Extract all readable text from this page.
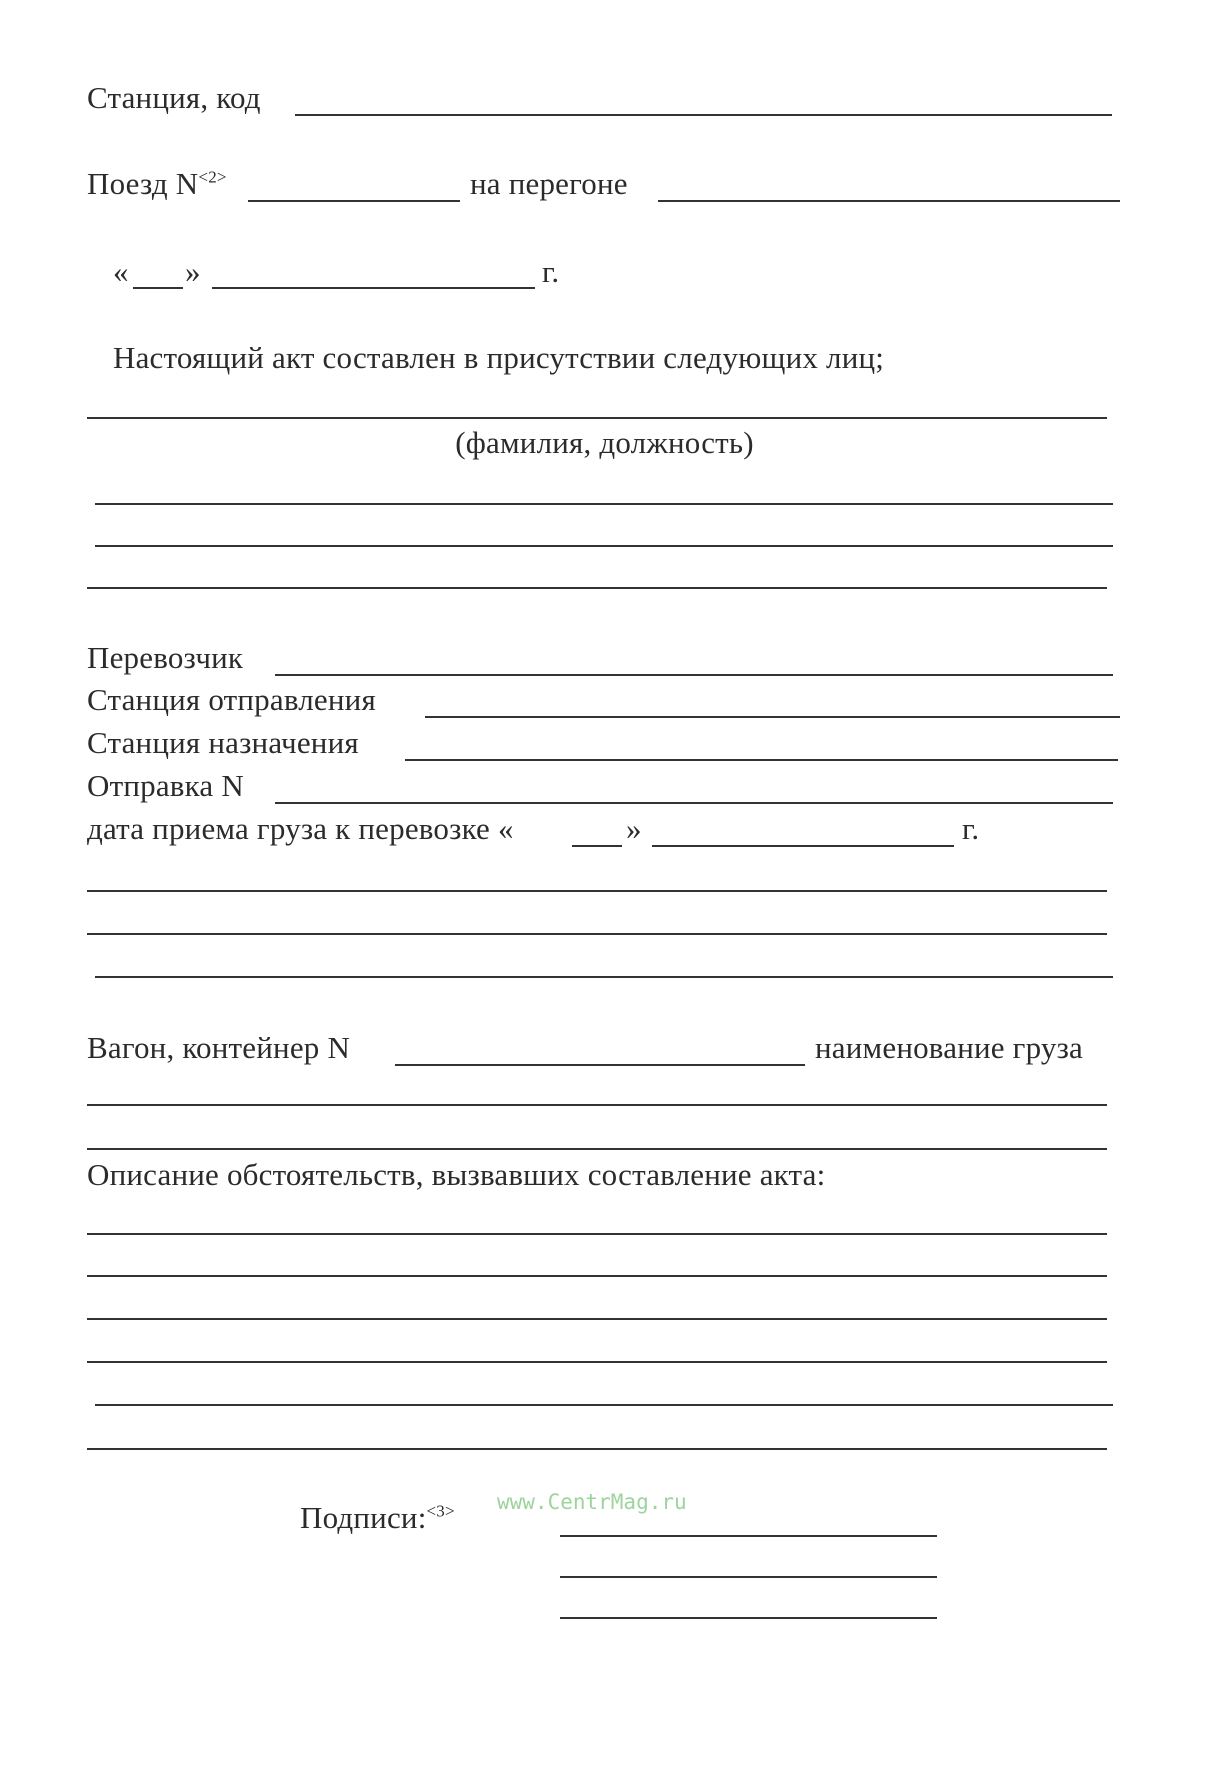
Станция, код
Поезд $N^{<2>}$	на перегоне
« »	г.
Настоящий акт составлен в присутствии следующих лиц;
(фамилия, должность)
Перевозчик
Станция отправления
Станция назначения
Отправка N
дата приема груза к перевозке «	»	г.
Вагон, контейнер N	наименование груза
Описание обстоятельств, вызвавших составление акта:
Подписи:$^{<3>}$ www.CentrMag.ru
